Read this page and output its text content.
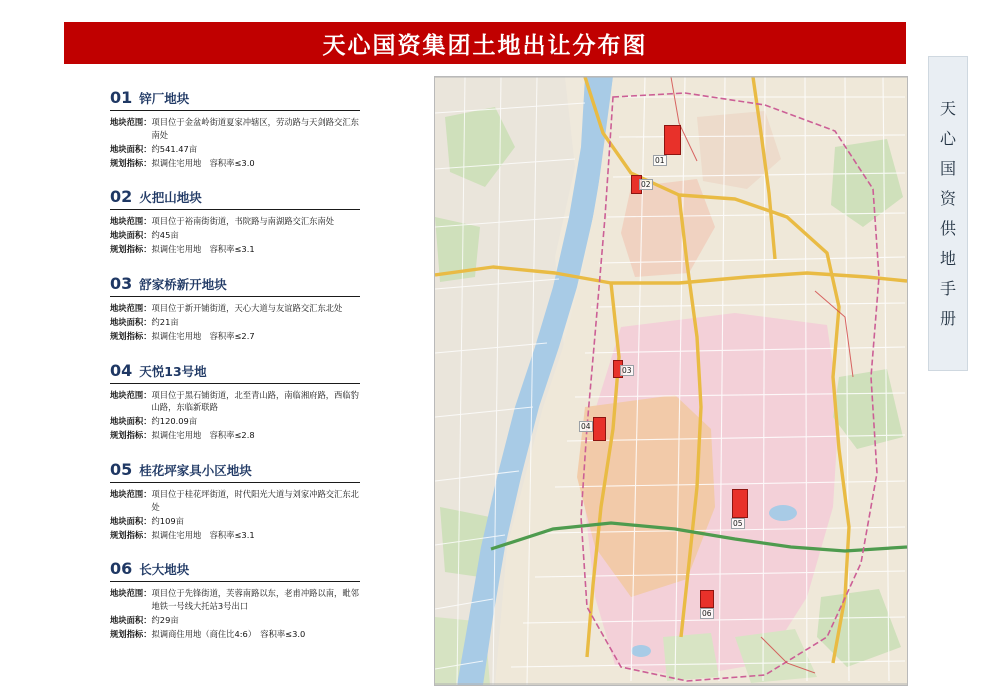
天心国资集团土地出让分布图
天
心
国
资
供
地
手
册
01 锌厂地块
地块范围： 项目位于金盆岭街道夏家冲辖区，劳动路与天剑路交汇东南处
地块面积： 约541.47亩
规划指标： 拟调住宅用地　容积率≤3.0
02 火把山地块
地块范围： 项目位于裕南街街道，书院路与南湖路交汇东南处
地块面积： 约45亩
规划指标： 拟调住宅用地　容积率≤3.1
03 舒家桥新开地块
地块范围： 项目位于新开铺街道，天心大道与友谊路交汇东北处
地块面积： 约21亩
规划指标： 拟调住宅用地　容积率≤2.7
04 天悦13号地
地块范围： 项目位于黑石铺街道，北至青山路，南临湘府路，西临豹山路，东临新联路
地块面积： 约120.09亩
规划指标： 拟调住宅用地　容积率≤2.8
05 桂花坪家具小区地块
地块范围： 项目位于桂花坪街道，时代阳光大道与刘家冲路交汇东北处
地块面积： 约109亩
规划指标： 拟调住宅用地　容积率≤3.1
06 长大地块
地块范围： 项目位于先锋街道，芙蓉南路以东，老甫冲路以南，毗邻地铁一号线大托站3号出口
地块面积： 约29亩
规划指标： 拟调商住用地（商住比4:6）　容积率≤3.0
01
02
03
04
05
06
